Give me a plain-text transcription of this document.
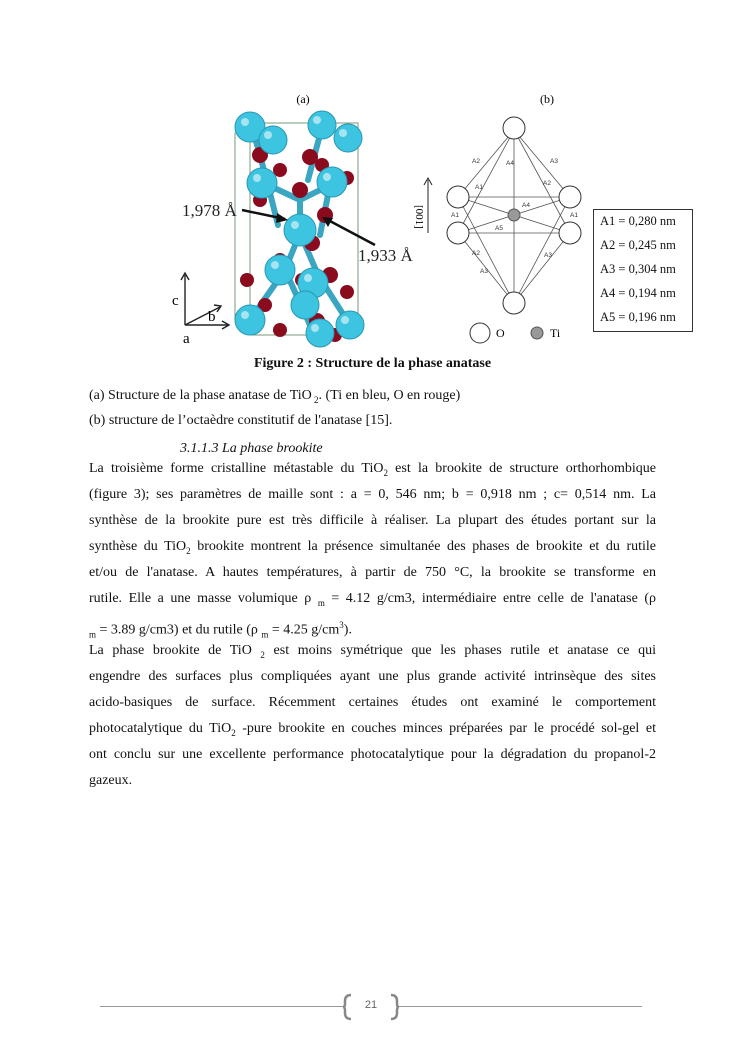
(a)	(b)
1,978 Å
1,933 Å
c
b
a
A2	A4	A3
A1
A2
A1	A1
A4
A5
A2	A3
A3
[001]
O	Ti
A1 = 0,280 nm
A2 = 0,245 nm
A3 = 0,304 nm
A4 = 0,194 nm
A5 = 0,196 nm
Figure 2 : Structure de la phase anatase
(a) Structure de la phase anatase de TiO $_2$. (Ti en bleu, O en rouge)
(b) structure de l’octaèdre constitutif de l'anatase [15].
3.1.1.3 La phase brookite
La troisième forme cristalline métastable du TiO$_2$ est la brookite de structure orthorhombique
(figure 3); ses paramètres de maille sont : a = 0, 546 nm; b = 0,918 nm ; c= 0,514 nm. La
synthèse de la brookite pure est très difficile à réaliser. La plupart des études portant sur la
synthèse du TiO$_2$ brookite montrent la présence simultanée des phases de brookite et du rutile
et/ou de l'anatase. A hautes températures, à partir de 750 °C, la brookite se transforme en
rutile. Elle a une masse volumique ρ $_m$ = 4.12 g/cm3, intermédiaire entre celle de l'anatase (ρ
$_m$ = 3.89 g/cm3) et du rutile (ρ $_m$ = 4.25 $g/cm^3$).
La phase brookite de TiO $_2$ est moins symétrique que les phases rutile et anatase ce qui
engendre des surfaces plus compliquées ayant une plus grande activité intrinsèque des sites
acido-basiques de surface. Récemment certaines études ont examiné le comportement
photocatalytique du TiO$_2$ -pure brookite en couches minces préparées par le procédé sol-gel et
ont conclu sur une excellente performance photocatalytique pour la dégradation du propanol-2
gazeux.
21
